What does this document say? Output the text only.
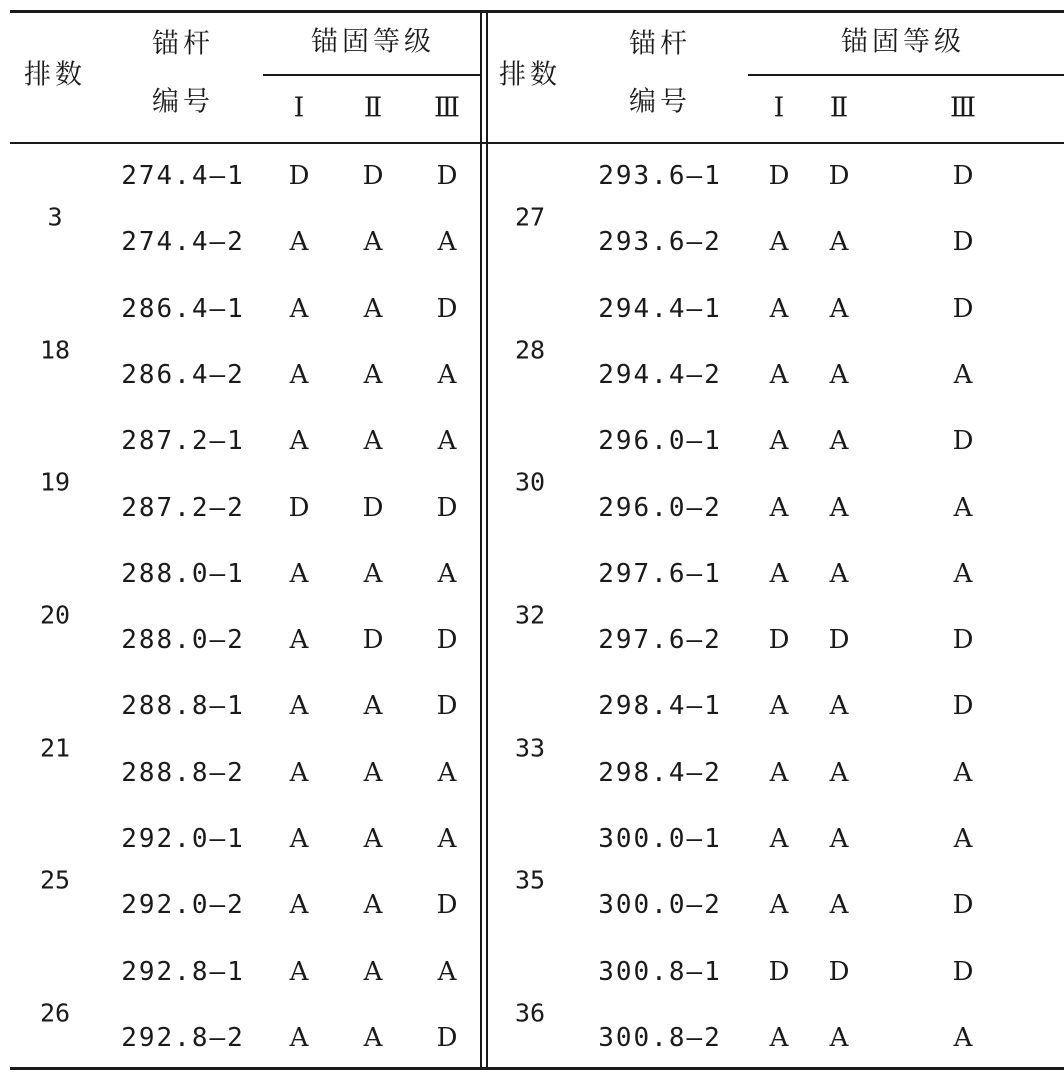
排数
锚杆
编号
锚固等级
Ⅰ Ⅱ Ⅲ
排数
锚杆
编号
锚固等级
Ⅰ Ⅱ	Ⅲ
3
274.4—1 D D D
274.4—2 A A A
18
286.4—1 A A D
286.4—2 A A A
19
287.2—1 A A A
287.2—2 D D D
20
288.0—1 A A A
288.0—2 A D D
21
288.8—1 A A D
288.8—2 A A A
25
292.0—1 A A A
292.0—2 A A D
26
292.8—1 A A A
292.8—2 A A D
27
293.6—1 D D	D
293.6—2 A A	D
28
294.4—1 A A	D
294.4—2 A A	A
30
296.0—1 A A	D
296.0—2 A A	A
32
297.6—1 A A	A
297.6—2 D D	D
33
298.4—1 A A	D
298.4—2 A A	A
35
300.0—1 A A	A
300.0—2 A A	D
36
300.8—1 D D	D
300.8—2 A A	A
